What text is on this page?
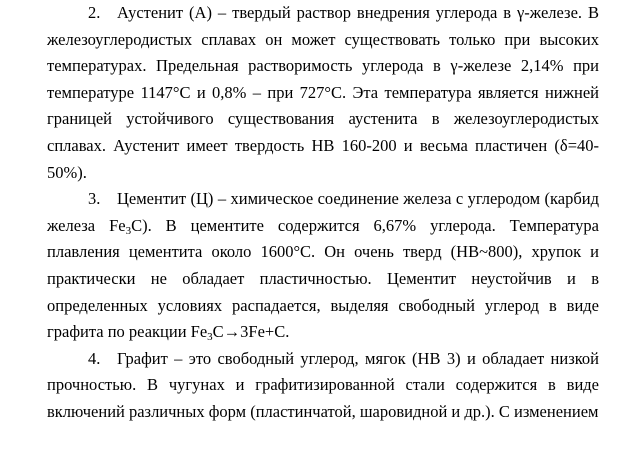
2. Аустенит (А) – твердый раствор внедрения углерода в γ-железе. В железоуглеродистых сплавах он может существовать только при высоких температурах. Предельная растворимость углерода в γ-железе 2,14% при температуре 1147°С и 0,8% – при 727°С. Эта температура является нижней границей устойчивого существования аустенита в железоуглеродистых сплавах. Аустенит имеет твердость НВ 160-200 и весьма пластичен (δ=40-50%).

3. Цементит (Ц) – химическое соединение железа с углеродом (карбид железа $Fe_3C$). В цементите содержится 6,67% углерода. Температура плавления цементита около 1600°С. Он очень тверд (НВ~800), хрупок и практически не обладает пластичностью. Цементит неустойчив и в определенных условиях распадается, выделяя свободный углерод в виде графита по реакции $Fe_3C\to 3Fe+C$.

4. Графит – это свободный углерод, мягок (НВ 3) и обладает низкой прочностью. В чугунах и графитизированной стали содержится в виде включений различных форм (пластинчатой, шаровидной и др.). С изменением
